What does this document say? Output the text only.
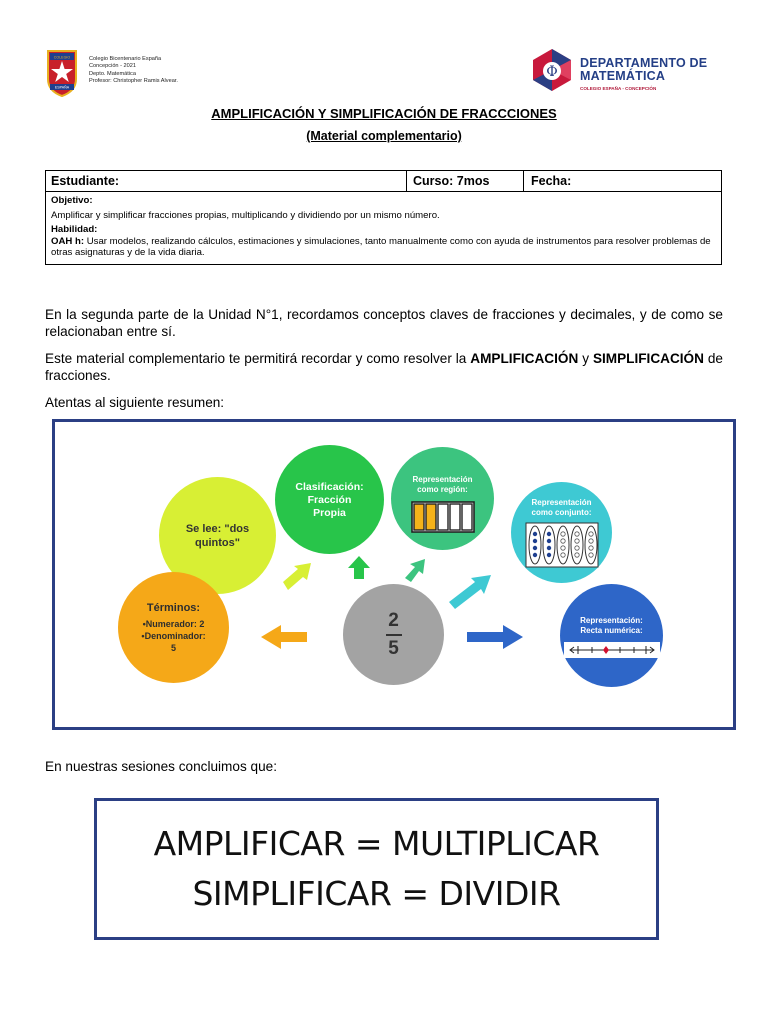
COLEGIO
ESPAÑA
Colegio Bicentenario España
Concepción - 2021
Depto. Matemática
Profesor: Christopher Ramis Alvear.
Φ
DEPARTAMENTO DE
MATEMÁTICA
COLEGIO ESPAÑA - CONCEPCIÓN
AMPLIFICACIÓN Y SIMPLIFICACIÓN DE FRACCCIONES
(Material complementario)
Estudiante:	Curso: 7mos	Fecha:
Objetivo:
Amplificar y simplificar fracciones propias, multiplicando y dividiendo por un mismo número.
Habilidad:
OAH h: Usar modelos, realizando cálculos, estimaciones y simulaciones, tanto manualmente como con ayuda de instrumentos para resolver problemas de otras asignaturas y de la vida diaria.
En la segunda parte de la Unidad N°1, recordamos conceptos claves de fracciones y decimales, y de como se relacionaban entre sí.
Este material complementario te permitirá recordar y como resolver la AMPLIFICACIÓN y SIMPLIFICACIÓN de fracciones.
Atentas al siguiente resumen:
Se lee: "dos quintos"
Clasificación:
Fracción
Propia
Representación como región:
Representación como conjunto:
Términos:
•Numerador: 2
•Denominador:
5
2
5
Representación: Recta numérica:
En nuestras sesiones concluimos que:
AMPLIFICAR = MULTIPLICAR
SIMPLIFICAR = DIVIDIR
